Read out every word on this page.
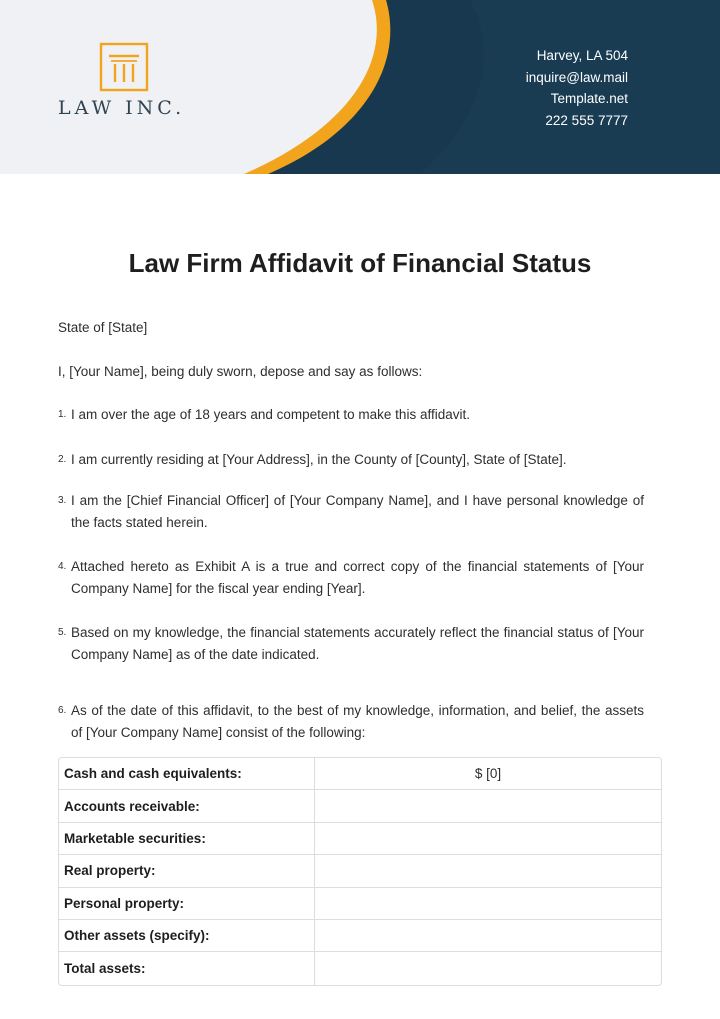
LAW INC.
Harvey, LA 504
inquire@law.mail
Template.net
222 555 7777
Law Firm Affidavit of Financial Status
State of [State]
I, [Your Name], being duly sworn, depose and say as follows:
1. I am over the age of 18 years and competent to make this affidavit.
2. I am currently residing at [Your Address], in the County of [County], State of [State].
3. I am the [Chief Financial Officer] of [Your Company Name], and I have personal knowledge of the facts stated herein.
4. Attached hereto as Exhibit A is a true and correct copy of the financial statements of [Your Company Name] for the fiscal year ending [Year].
5. Based on my knowledge, the financial statements accurately reflect the financial status of [Your Company Name] as of the date indicated.
6. As of the date of this affidavit, to the best of my knowledge, information, and belief, the assets of [Your Company Name] consist of the following:
Cash and cash equivalents:	$ [0]
Accounts receivable:	
Marketable securities:	
Real property:	
Personal property:	
Other assets (specify):	
Total assets:	
